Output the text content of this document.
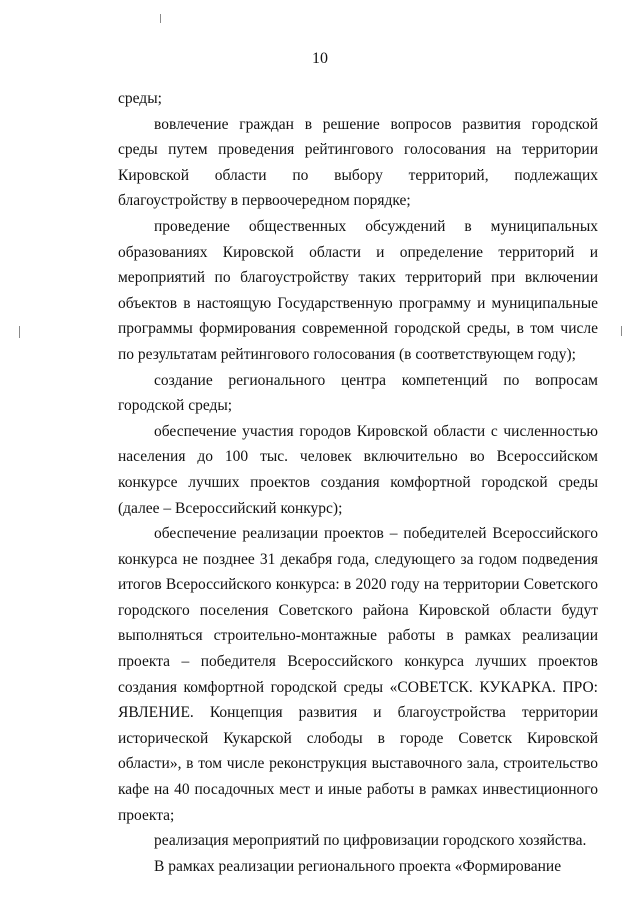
10

среды;

вовлечение граждан в решение вопросов развития городской среды путем проведения рейтингового голосования на территории Кировской области по выбору территорий, подлежащих благоустройству в первоочередном порядке;

проведение общественных обсуждений в муниципальных образованиях Кировской области и определение территорий и мероприятий по благоустройству таких территорий при включении объектов в настоящую Государственную программу и муниципальные программы формирования современной городской среды, в том числе по результатам рейтингового голосования (в соответствующем году);

создание регионального центра компетенций по вопросам городской среды;

обеспечение участия городов Кировской области с численностью населения до 100 тыс. человек включительно во Всероссийском конкурсе лучших проектов создания комфортной городской среды (далее – Всероссийский конкурс);

обеспечение реализации проектов – победителей Всероссийского конкурса не позднее 31 декабря года, следующего за годом подведения итогов Всероссийского конкурса: в 2020 году на территории Советского городского поселения Советского района Кировской области будут выполняться строительно-монтажные работы в рамках реализации проекта – победителя Всероссийского конкурса лучших проектов создания комфортной городской среды «СОВЕТСК. КУКАРКА. ПРО: ЯВЛЕНИЕ. Концепция развития и благоустройства территории исторической Кукарской слободы в городе Советск Кировской области», в том числе реконструкция выставочного зала, строительство кафе на 40 посадочных мест и иные работы в рамках инвестиционного проекта;

реализация мероприятий по цифровизации городского хозяйства.

В рамках реализации регионального проекта «Формирование
